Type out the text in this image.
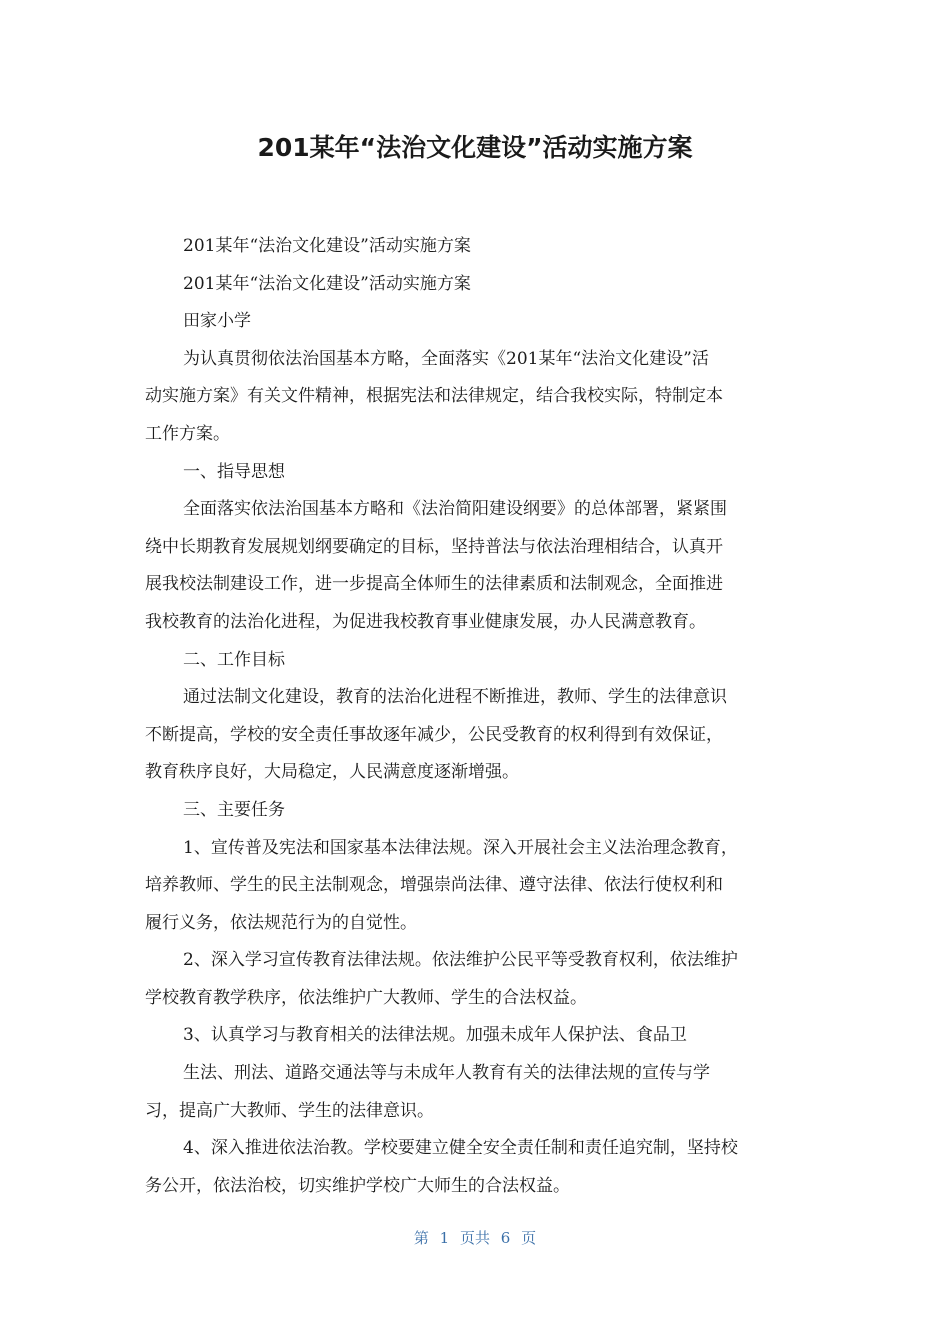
201某年“法治文化建设”活动实施方案
201某年“法治文化建设”活动实施方案
201某年“法治文化建设”活动实施方案
田家小学
为认真贯彻依法治国基本方略，全面落实《201某年“法治文化建设”活
动实施方案》有关文件精神，根据宪法和法律规定，结合我校实际，特制定本
工作方案。
一、指导思想
全面落实依法治国基本方略和《法治简阳建设纲要》的总体部署，紧紧围
绕中长期教育发展规划纲要确定的目标，坚持普法与依法治理相结合，认真开
展我校法制建设工作，进一步提高全体师生的法律素质和法制观念，全面推进
我校教育的法治化进程，为促进我校教育事业健康发展，办人民满意教育。
二、工作目标
通过法制文化建设，教育的法治化进程不断推进，教师、学生的法律意识
不断提高，学校的安全责任事故逐年减少，公民受教育的权利得到有效保证，
教育秩序良好，大局稳定，人民满意度逐渐增强。
三、主要任务
1、宣传普及宪法和国家基本法律法规。深入开展社会主义法治理念教育，
培养教师、学生的民主法制观念，增强崇尚法律、遵守法律、依法行使权利和
履行义务，依法规范行为的自觉性。
2、深入学习宣传教育法律法规。依法维护公民平等受教育权利，依法维护
学校教育教学秩序，依法维护广大教师、学生的合法权益。
3、认真学习与教育相关的法律法规。加强未成年人保护法、食品卫
生法、刑法、道路交通法等与未成年人教育有关的法律法规的宣传与学
习，提高广大教师、学生的法律意识。
4、深入推进依法治教。学校要建立健全安全责任制和责任追究制，坚持校
务公开，依法治校，切实维护学校广大师生的合法权益。
第 1 页共 6 页
